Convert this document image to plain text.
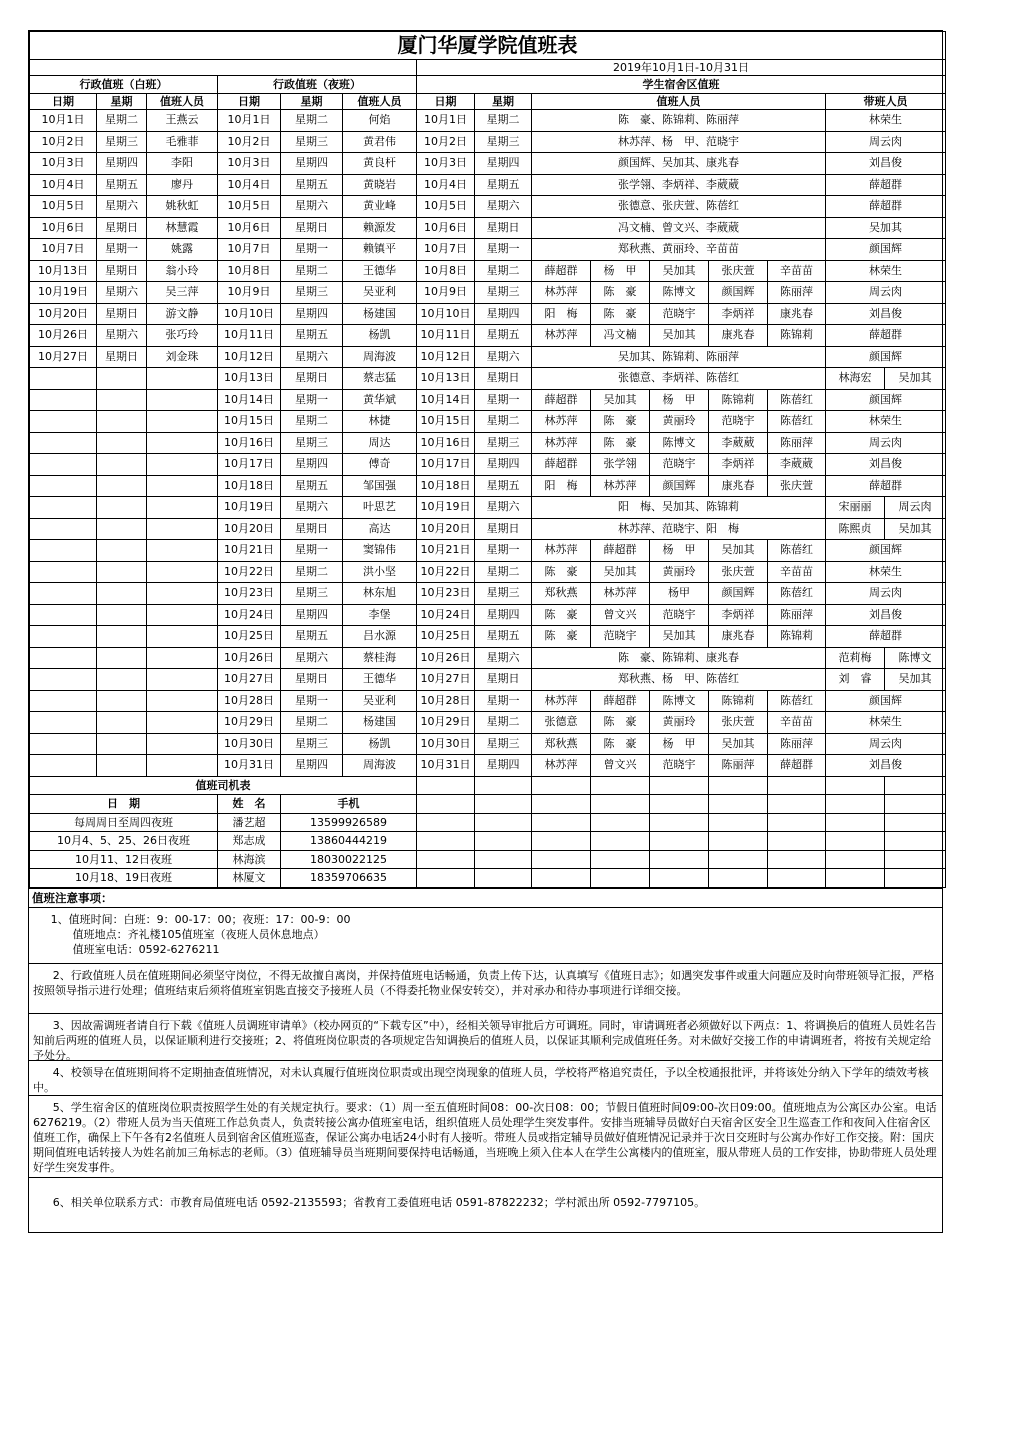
厦门华厦学院值班表														
						2019年10月1日-10月31日								
行政值班（白班）			行政值班（夜班）			学生宿舍区值班								
日期	星期	值班人员	日期	星期	值班人员	日期	星期	值班人员					带班人员	
10月1日	星期二	王燕云	10月1日	星期二	何焰	10月1日	星期二	陈　豪、陈锦莉、陈丽萍					林荣生	
10月2日	星期三	毛雅菲	10月2日	星期三	黄君伟	10月2日	星期三	林苏萍、杨　甲、范晓宇					周云肉	
10月3日	星期四	李阳	10月3日	星期四	黄良杆	10月3日	星期四	颜国辉、吴加其、康兆春					刘昌俊	
10月4日	星期五	廖丹	10月4日	星期五	黄晓岩	10月4日	星期五	张学翎、李炳祥、李葳葳					薛超群	
10月5日	星期六	姚秋虹	10月5日	星期六	黄业峰	10月5日	星期六	张德意、张庆萱、陈蓓红					薛超群	
10月6日	星期日	林慧霞	10月6日	星期日	赖源发	10月6日	星期日	冯文楠、曾文兴、李葳葳					吴加其	
10月7日	星期一	姚露	10月7日	星期一	赖镇平	10月7日	星期一	郑秋燕、黄丽玲、辛苗苗					颜国辉	
10月13日	星期日	翁小玲	10月8日	星期二	王德华	10月8日	星期二	薛超群	杨　甲	吴加其	张庆萱	辛苗苗	林荣生	
10月19日	星期六	吴三萍	10月9日	星期三	吴亚利	10月9日	星期三	林苏萍	陈　豪	陈博文	颜国辉	陈丽萍	周云肉	
10月20日	星期日	游文静	10月10日	星期四	杨建国	10月10日	星期四	阳　梅	陈　豪	范晓宇	李炳祥	康兆春	刘昌俊	
10月26日	星期六	张巧玲	10月11日	星期五	杨凯	10月11日	星期五	林苏萍	冯文楠	吴加其	康兆春	陈锦莉	薛超群	
10月27日	星期日	刘金珠	10月12日	星期六	周海波	10月12日	星期六	吴加其、陈锦莉、陈丽萍					颜国辉	
			10月13日	星期日	蔡志猛	10月13日	星期日	张德意、李炳祥、陈蓓红					林海宏	吴加其
			10月14日	星期一	黄华斌	10月14日	星期一	薛超群	吴加其	杨　甲	陈锦莉	陈蓓红	颜国辉	
			10月15日	星期二	林捷	10月15日	星期二	林苏萍	陈　豪	黄丽玲	范晓宇	陈蓓红	林荣生	
			10月16日	星期三	周达	10月16日	星期三	林苏萍	陈　豪	陈博文	李葳葳	陈丽萍	周云肉	
			10月17日	星期四	傅奇	10月17日	星期四	薛超群	张学翎	范晓宇	李炳祥	李葳葳	刘昌俊	
			10月18日	星期五	邹国强	10月18日	星期五	阳　梅	林苏萍	颜国辉	康兆春	张庆萱	薛超群	
			10月19日	星期六	叶思艺	10月19日	星期六	阳　梅、吴加其、陈锦莉					宋丽丽	周云肉
			10月20日	星期日	高达	10月20日	星期日	林苏萍、范晓宇、阳　梅					陈熙贞	吴加其
			10月21日	星期一	窦锦伟	10月21日	星期一	林苏萍	薛超群	杨　甲	吴加其	陈蓓红	颜国辉	
			10月22日	星期二	洪小坚	10月22日	星期二	陈　豪	吴加其	黄丽玲	张庆萱	辛苗苗	林荣生	
			10月23日	星期三	林东旭	10月23日	星期三	郑秋燕	林苏萍	杨甲	颜国辉	陈蓓红	周云肉	
			10月24日	星期四	李堡	10月24日	星期四	陈　豪	曾文兴	范晓宇	李炳祥	陈丽萍	刘昌俊	
			10月25日	星期五	吕水源	10月25日	星期五	陈　豪	范晓宇	吴加其	康兆春	陈锦莉	薛超群	
			10月26日	星期六	蔡桂海	10月26日	星期六	陈　豪、陈锦莉、康兆春					范莉梅	陈博文
			10月27日	星期日	王德华	10月27日	星期日	郑秋燕、杨　甲、陈蓓红					刘　睿	吴加其
			10月28日	星期一	吴亚利	10月28日	星期一	林苏萍	薛超群	陈博文	陈锦莉	陈蓓红	颜国辉	
			10月29日	星期二	杨建国	10月29日	星期二	张德意	陈　豪	黄丽玲	张庆萱	辛苗苗	林荣生	
			10月30日	星期三	杨凯	10月30日	星期三	郑秋燕	陈　豪	杨　甲	吴加其	陈丽萍	周云肉	
			10月31日	星期四	周海波	10月31日	星期四	林苏萍	曾文兴	范晓宇	陈丽萍	薛超群	刘昌俊	
值班司机表														
日　期			姓　名	手机										
每周周日至周四夜班			潘艺超	13599926589										
10月4、5、25、26日夜班			郑志成	13860444219										
10月11、12日夜班			林海滨	18030022125										
10月18、19日夜班			林厦文	18359706635										
值班注意事项：
1、值班时间：白班：9：00-17：00；夜班：17：00-9：00
值班地点：齐礼楼105值班室（夜班人员休息地点）
值班室电话：0592-6276211
2、行政值班人员在值班期间必须坚守岗位，不得无故擅自离岗，并保持值班电话畅通，负责上传下达，认真填写《值班日志》；如遇突发事件或重大问题应及时向带班领导汇报，严格按照领导指示进行处理；值班结束后须将值班室钥匙直接交予接班人员（不得委托物业保安转交），并对承办和待办事项进行详细交接。
3、因故需调班者请自行下载《值班人员调班审请单》（校办网页的“下载专区”中），经相关领导审批后方可调班。同时，审请调班者必须做好以下两点：1、将调换后的值班人员姓名告知前后两班的值班人员，以保证顺利进行交接班；2、将值班岗位职责的各项规定告知调换后的值班人员，以保证其顺利完成值班任务。对未做好交接工作的申请调班者，将按有关规定给予处分。
4、校领导在值班期间将不定期抽查值班情况，对未认真履行值班岗位职责或出现空岗现象的值班人员，学校将严格追究责任，予以全校通报批评，并将该处分纳入下学年的绩效考核中。
5、学生宿舍区的值班岗位职责按照学生处的有关规定执行。要求：（1）周一至五值班时间08：00-次日08：00；节假日值班时间09:00-次日09:00。值班地点为公寓区办公室。电话6276219。（2）带班人员为当天值班工作总负责人，负责转接公寓办值班室电话，组织值班人员处理学生突发事件。安排当班辅导员做好白天宿舍区安全卫生巡查工作和夜间入住宿舍区值班工作，确保上下午各有2名值班人员到宿舍区值班巡查，保证公寓办电话24小时有人接听。带班人员或指定辅导员做好值班情况记录并于次日交班时与公寓办作好工作交接。附：国庆期间值班电话转接人为姓名前加三角标志的老师。（3）值班辅导员当班期间要保持电话畅通，当班晚上须入住本人在学生公寓楼内的值班室，服从带班人员的工作安排，协助带班人员处理好学生突发事件。
6、相关单位联系方式：市教育局值班电话 0592-2135593；省教育工委值班电话 0591-87822232；学村派出所 0592-7797105。
